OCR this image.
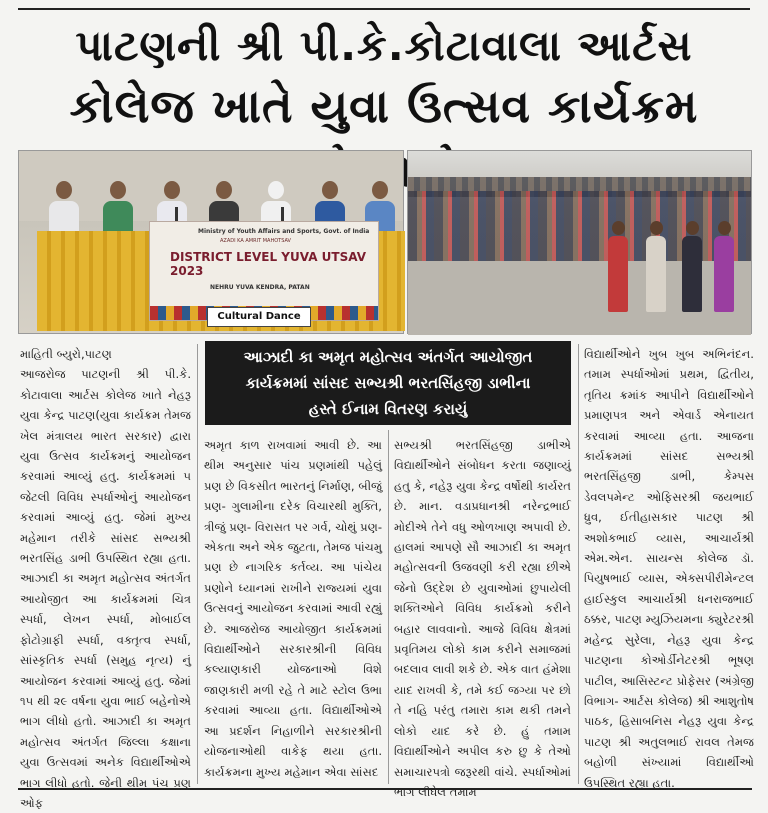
પાટણની શ્રી પી.કે.કોટાવાલા આર્ટસ
કોલેજ ખાતે યુવા ઉત્સવ કાર્યક્રમ
Ministry of Youth Affairs and Sports, Govt. of India
AZADI KA AMRIT MAHOTSAV
DISTRICT LEVEL YUVA UTSAV 2023
NEHRU YUVA KENDRA, PATAN
Cultural Dance

માહિતી બ્યુરો,પાટણ

આજરોજ પાટણની શ્રી પી.કે. કોટાવાલા આર્ટસ કોલેજ ખાતે નેહરૂ યુવા કેન્દ્ર પાટણ(યુવા કાર્યક્રમ તેમજ ખેલ મંત્રાલય ભારત સરકાર) દ્વારા યુવા ઉત્સવ કાર્યક્રમનું આયોજન કરવામાં આવ્યું હતુ. કાર્યક્રમમાં ૫ જેટલી વિવિધ સ્પર્ધાઓનું આયોજન કરવામાં આવ્યું હતુ. જેમાં મુખ્ય મહેમાન તરીકે સાંસદ સભ્યશ્રી ભરતસિંહ ડાભી ઉપસ્થિત રહ્યા હતા. આઝાદી કા અમૃત મહોત્સવ અંતર્ગત આયોજીત આ કાર્યક્રમમાં ચિત્ર સ્પર્ધા, લેખન સ્પર્ધા, મોબાઈલ ફોટોગ્રાફી સ્પર્ધા, વક્તૃત્વ સ્પર્ધા, સાંસ્કૃતિક સ્પર્ધા (સમુહ નૃત્ય) નું આયોજન કરવામાં આવ્યું હતુ. જેમાં ૧૫ થી ૨૯ વર્ષના યુવા ભાઈ બહેનોએ ભાગ લીધો હતો. આઝાદી કા અમૃત મહોત્સવ અંતર્ગત જિલ્લા કક્ષાના યુવા ઉત્સવમાં અનેક વિદ્યાર્થીઓએ ભાગ લીધો હતો. જેની થીમ પંચ પ્રણ ઓફ

આઝાદી કા અમૃત મહોત્સવ અંતર્ગત આયોજીત
કાર્યક્રમમાં સાંસદ સભ્યશ્રી ભરતસિંહજી ડાભીના
હસ્તે ઈનામ વિતરણ કરાયું

અમૃત કાળ રાખવામાં આવી છે. આ થીમ અનુસાર પાંચ પ્રણમાંથી પહેલું પ્રણ છે વિકસીત ભારતનું નિર્માણ, બીજું પ્રણ- ગુલામીના દરેક વિચારથી મુક્તિ, ત્રીજું પ્રણ- વિરાસત પર ગર્વ, ચોથું પ્રણ-એકતા અને એક જુટતા, તેમજ પાંચમુ પ્રણ છે નાગરિક કર્તવ્ય. આ પાંચેય પ્રણોને ધ્યાનમાં રાખીને રાજ્યમાં યુવા ઉત્સવનું આયોજન કરવામાં આવી રહ્યું છે. આજરોજ આયોજીત કાર્યક્રમમાં વિદ્યાર્થીઓને સરકારશ્રીની વિવિધ કલ્યાણકારી યોજનાઓ વિશે જાણકારી મળી રહે તે માટે સ્ટોલ ઉભા કરવામાં આવ્યા હતા. વિદ્યાર્થીઓએ આ પ્રદર્શન નિહાળીને સરકારશ્રીની યોજનાઓથી વાકેફ થયા હતા. કાર્યક્રમના મુખ્ય મહેમાન એવા સાંસદ

સભ્યશ્રી ભરતસિંહજી ડાભીએ વિદ્યાર્થીઓને સંબોધન કરતા જણાવ્યું હતુ કે, નહેરૂ યુવા કેન્દ્ર વર્ષોથી કાર્યરત છે. માન. વડાપ્રધાનશ્રી નરેન્દ્રભાઈ મોદીએ તેને વધુ ઓળખાણ અપાવી છે. હાલમાં આપણે સૌ આઝાદી કા અમૃત મહોત્સવની ઉજવણી કરી રહ્યા છીએ જેનો ઉદ્દેશ છે યુવાઓમાં છુપાયેલી શક્તિઓને વિવિધ કાર્યક્રમો કરીને બહાર લાવવાનો. આજે વિવિધ ક્ષેત્રમાં પ્રવૃતિમય લોકો કામ કરીને સમાજમાં બદલાવ લાવી શકે છે. એક વાત હંમેશા યાદ રાખવી કે, તમે કઈ જગ્યા પર છો તે નહિ પરંતુ તમારા કામ થકી તમને લોકો યાદ કરે છે. હું તમામ વિદ્યાર્થીઓને અપીલ કરુ છુ કે તેઓ સમાચારપત્રો જરૂરથી વાંચે. સ્પર્ધાઓમાં ભાગ લીધેલ તમામ

વિદ્યાર્થીઓને ખુબ ખુબ અભિનંદન. તમામ સ્પર્ધાઓમાં પ્રથમ, દ્વિતીય, તૃતિય ક્રમાંક આપીને વિદ્યાર્થીઓને પ્રમાણપત્ર અને એવાર્ડ એનાયત કરવામાં આવ્યા હતા. આજના કાર્યક્રમમાં સાંસદ સભ્યશ્રી ભરતસિંહજી ડાભી, કેમ્પસ ડેવલપમેન્ટ ઓફિસરશ્રી જયભાઈ ધ્રુવ, ઈતીહાસકાર પાટણ શ્રી અશોકભાઈ વ્યાસ, આચાર્યશ્રી એમ.એન. સાયન્સ કોલેજ ડૉ. પિયુષભાઈ વ્યાસ, એક્સપીરીમેન્ટલ હાઈસ્કુલ આચાર્યશ્રી ધનરાજભાઈ ઠક્કર, પાટણ મ્યુઝિયમના ક્યુરેટરશ્રી મહેન્દ્ર સુરેલા, નેહરૂ યુવા કેન્દ્ર પાટણના કોઓર્ડીનેટરશ્રી ભૂષણ પાટીલ, આસિસ્ટન્ટ પ્રોફેસર (અંગ્રેજી વિભાગ- આર્ટસ કોલેજ) શ્રી આશુતોષ પાઠક, હિસાબનિસ નેહરૂ યુવા કેન્દ્ર પાટણ શ્રી અતુલભાઈ રાવલ તેમજ બહોળી સંખ્યામાં વિદ્યાર્થીઓ ઉપસ્થિત રહ્યા હતા.
